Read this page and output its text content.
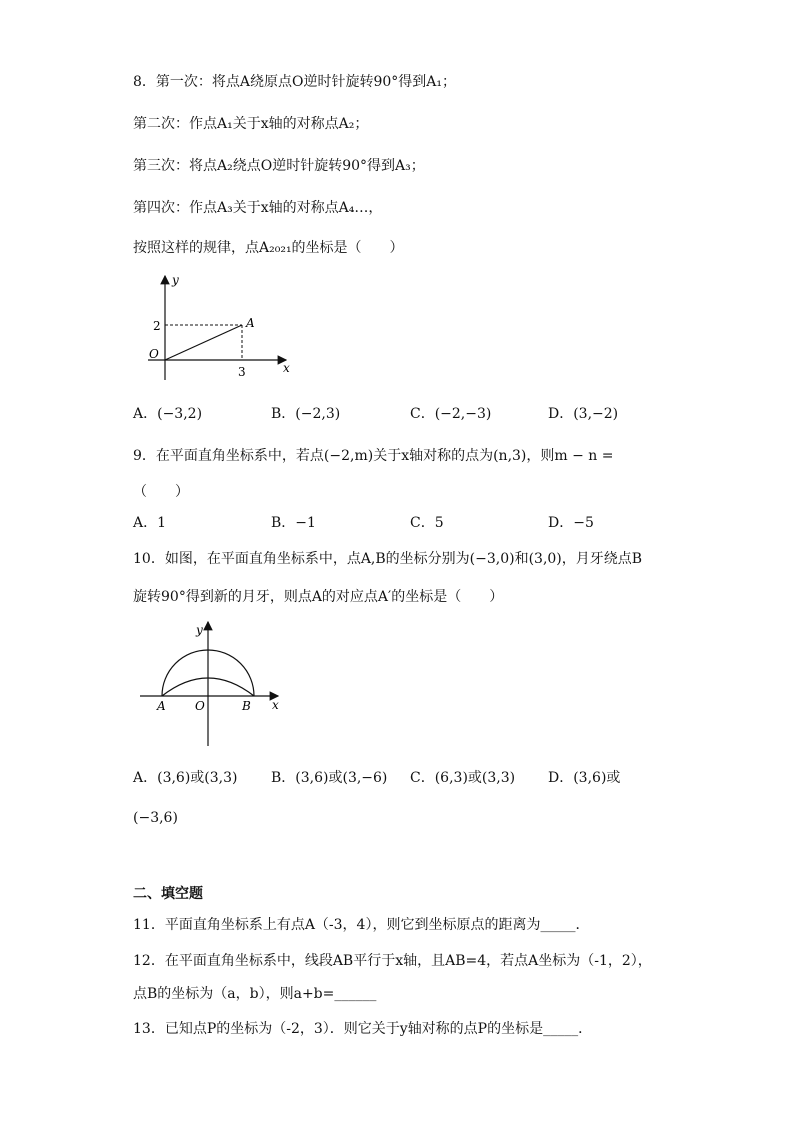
8．第一次：将点A绕原点O逆时针旋转90°得到A₁；
第二次：作点A₁关于x轴的对称点A₂；
第三次：将点A₂绕点O逆时针旋转90°得到A₃；
第四次：作点A₃关于x轴的对称点A₄…，
按照这样的规律，点A₂₀₂₁的坐标是（　　）
y
x
O
A
2
3
A．(−3,2)	B．(−2,3)	C．(−2,−3)	D．(3,−2)
9．在平面直角坐标系中，若点(−2,m)关于x轴对称的点为(n,3)，则m − n =
（　　）
A．1	B．−1	C．5	D．−5
10．如图，在平面直角坐标系中，点A,B的坐标分别为(−3,0)和(3,0)，月牙绕点B
旋转90°得到新的月牙，则点A的对应点A′的坐标是（　　）
y
x
A O	B
A．(3,6)或(3,3) B．(3,6)或(3,−6) C．(6,3)或(3,3) D．(3,6)或
(−3,6)
二、填空题
11．平面直角坐标系上有点A（-3，4），则它到坐标原点的距离为_____．
12．在平面直角坐标系中，线段AB平行于x轴，且AB=4，若点A坐标为（-1，2），
点B的坐标为（a，b），则a+b=______
13．已知点P的坐标为（-2，3）．则它关于y轴对称的点P的坐标是_____．
